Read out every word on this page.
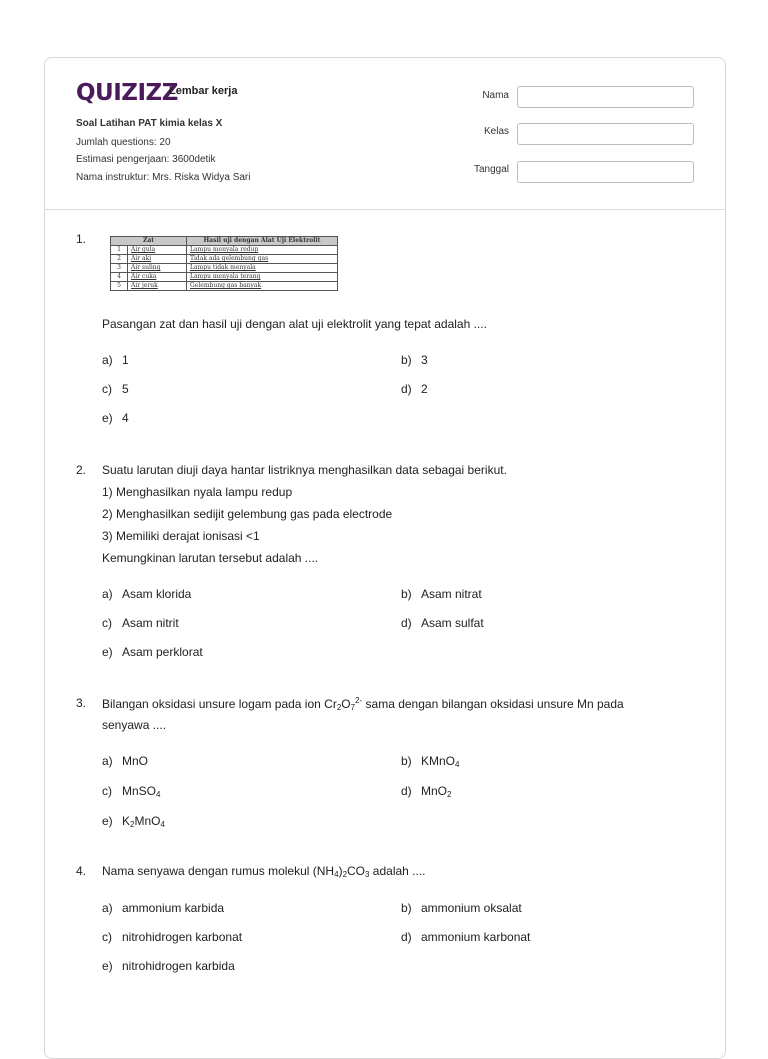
QUIZIZZ
Lembar kerja
Soal Latihan PAT kimia kelas X
Jumlah questions: 20
Estimasi pengerjaan: 3600detik
Nama instruktur: Mrs. Riska Widya Sari
Nama
Kelas
Tanggal
1.	Zat		Hasil uji dengan Alat Uji Elektrolit
1	Air gula	Lampu menyala redup
2	Air aki	Tidak ada gelembung gas
3	Air suling	Lampu tidak menyala
4	Air cuka	Lampu menyala terang
5	Air jeruk	Gelembung gas banyak
Pasangan zat dan hasil uji dengan alat uji elektrolit yang tepat adalah ....
a) 1	b) 3
c) 5	d) 2
e) 4
2. Suatu larutan diuji daya hantar listriknya menghasilkan data sebagai berikut.
1) Menghasilkan nyala lampu redup
2) Menghasilkan sedijit gelembung gas pada electrode
3) Memiliki derajat ionisasi <1
Kemungkinan larutan tersebut adalah ....
a) Asam klorida	b) Asam nitrat
c) Asam nitrit	d) Asam sulfat
e) Asam perklorat
3. Bilangan oksidasi unsure logam pada ion $Cr_2O_7^{2-}$ sama dengan bilangan oksidasi unsure Mn pada
senyawa ....
a) MnO	b) KMnO$_4$
c) MnSO$_4$	d) MnO$_2$
e) $K_2MnO_4$
4. Nama senyawa dengan rumus molekul $(NH_4)_2CO_3$ adalah ....
a) ammonium karbida	b) ammonium oksalat
c) nitrohidrogen karbonat	d) ammonium karbonat
e) nitrohidrogen karbida
